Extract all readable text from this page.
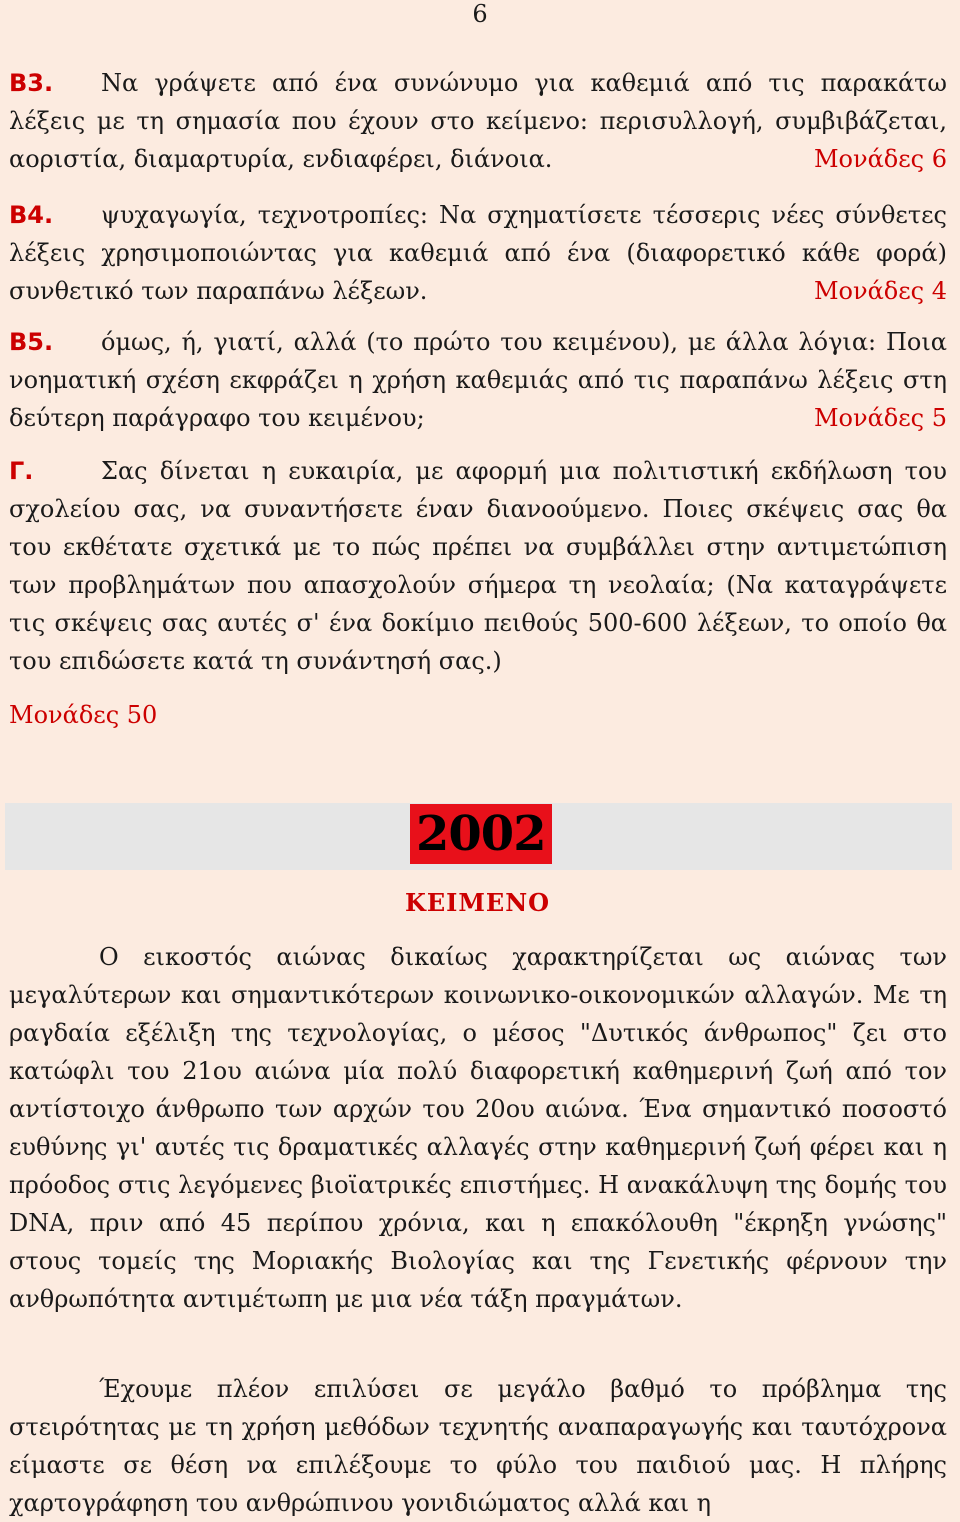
6
Β3. Να γράψετε από ένα συνώνυμο για καθεμιά από τις παρακάτω λέξεις με τη σημασία που έχουν στο κείμενο: περισυλλογή, συμβιβάζεται, αοριστία, διαμαρτυρία, ενδιαφέρει, διάνοια.	Μονάδες 6
Β4. ψυχαγωγία, τεχνοτροπίες: Να σχηματίσετε τέσσερις νέες σύνθετες λέξεις χρησιμοποιώντας για καθεμιά από ένα (διαφορετικό κάθε φορά) συνθετικό των παραπάνω λέξεων.	Μονάδες 4
Β5. όμως, ή, γιατί, αλλά (το πρώτο του κειμένου), με άλλα λόγια: Ποια νοηματική σχέση εκφράζει η χρήση καθεμιάς από τις παραπάνω λέξεις στη δεύτερη παράγραφο του κειμένου;	Μονάδες 5
Γ.	Σας δίνεται η ευκαιρία, με αφορμή μια πολιτιστική εκδήλωση του σχολείου σας, να συναντήσετε έναν διανοούμενο. Ποιες σκέψεις σας θα του εκθέτατε σχετικά με το πώς πρέπει να συμβάλλει στην αντιμετώπιση των προβλημάτων που απασχολούν σήμερα τη νεολαία; (Να καταγράψετε τις σκέψεις σας αυτές σ' ένα δοκίμιο πειθούς 500-600 λέξεων, το οποίο θα του επιδώσετε κατά τη συνάντησή σας.)
Μονάδες 50
2002
ΚΕΙΜΕΝΟ
Ο εικοστός αιώνας δικαίως χαρακτηρίζεται ως αιώνας των μεγαλύτερων και σημαντικότερων κοινωνικο-οικονομικών αλλαγών. Με τη ραγδαία εξέλιξη της τεχνολογίας, ο μέσος "Δυτικός άνθρωπος" ζει στο κατώφλι του 21ου αιώνα μία πολύ διαφορετική καθημερινή ζωή από τον αντίστοιχο άνθρωπο των αρχών του 20ου αιώνα. Ένα σημαντικό ποσοστό ευθύνης γι' αυτές τις δραματικές αλλαγές στην καθημερινή ζωή φέρει και η πρόοδος στις λεγόμενες βιοϊατρικές επιστήμες. Η ανακάλυψη της δομής του DNA, πριν από 45 περίπου χρόνια, και η επακόλουθη "έκρηξη γνώσης" στους τομείς της Μοριακής Βιολογίας και της Γενετικής φέρνουν την ανθρωπότητα αντιμέτωπη με μια νέα τάξη πραγμάτων.
Έχουμε πλέον επιλύσει σε μεγάλο βαθμό το πρόβλημα της στειρότητας με τη χρήση μεθόδων τεχνητής αναπαραγωγής και ταυτόχρονα είμαστε σε θέση να επιλέξουμε το φύλο του παιδιού μας. Η πλήρης χαρτογράφηση του ανθρώπινου γονιδιώματος αλλά και η
